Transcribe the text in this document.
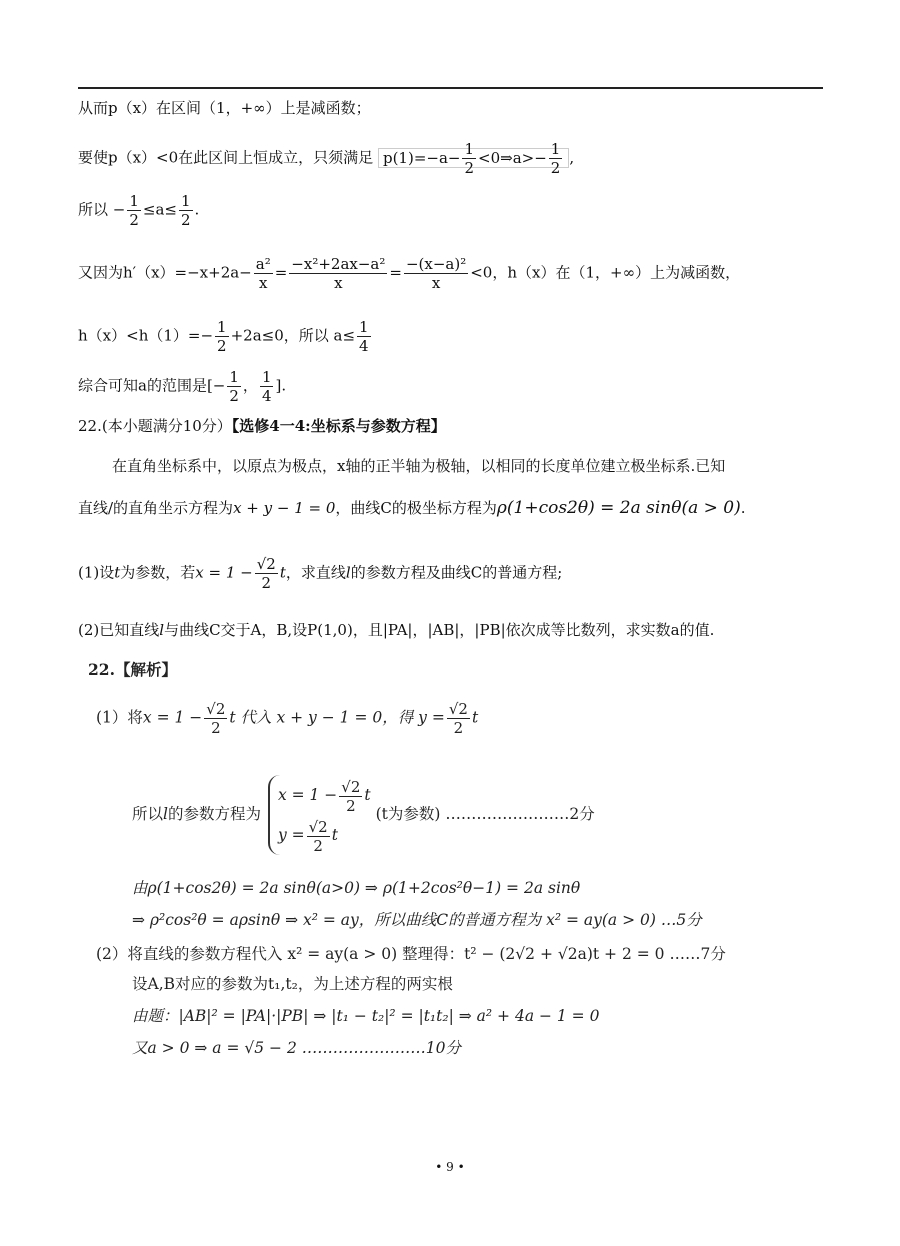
从而p（x）在区间（1，+∞）上是减函数；
要使p（x）<0在此区间上恒成立，只须满足 $p(1)=-a- \frac{1}{2}$ <0⇒a>− $\frac{1}{2}$ ,
所以 − $\frac{1}{2} \le a\le \frac{1}{2}$ .
又因为$h'(x)=-x+2a- \frac{\text{a²}}{x} = \frac{\text{−x²+2ax−a²}}{x} = \frac{\text{−(x−a)²}}{x} <0$，h（x）在（1，+∞）上为减函数，
$h(x)<h(1)=- \frac{1}{2} +2a\le 0$，所以 $a\le \frac{1}{4}$
综合可知a的范围是[− $\frac{1}{2}$ ， $\frac{1}{4}$ ].
22.(本小题满分10分）【选修4一4:坐标系与参数方程】
在直角坐标系中，以原点为极点，x轴的正半轴为极轴，以相同的长度单位建立极坐标系.已知
直线/的直角坐示方程为x + y − 1 = 0，曲线C的极坐标方程为ρ(1+cos2θ) = 2a sinθ(a > 0).
(1)设t为参数，若$x = 1 - \frac{√2}{2}$ t，求直线l的参数方程及曲线C的普通方程;
(2)已知直线l与曲线C交于A，B,设P(1,0)，且|PA|，|AB|，|PB|依次成等比数列，求实数a的值.
22.【解析】
(1）将$x = 1 - \frac{√2}{2}$ t 代入 x + y − 1 = 0，得 $y = \frac{√2}{2}$ t
所以l的参数方程为
$x = 1 - \frac{√2}{2}$ t
$y = \frac{√2}{2}$ t
(t为参数) ……………………2分
由ρ(1+cos2θ) = 2a sinθ(a>0) ⇒ ρ(1+2cos²θ−1) = 2a sinθ
⇒ ρ²cos²θ = aρsinθ ⇒ x² = ay，所以曲线C的普通方程为 x² = ay(a > 0) …5分
(2）将直线的参数方程代入 x² = ay(a > 0) 整理得：t² − (2√2 + √2a)t + 2 = 0 ……7分
设A,B对应的参数为t₁,t₂，为上述方程的两实根
由题：|AB|² = |PA|·|PB| ⇒ |t₁ − t₂|² = |t₁t₂| ⇒ a² + 4a − 1 = 0
又a > 0 ⇒ a = √5 − 2 ……………………10分
• 9 •
